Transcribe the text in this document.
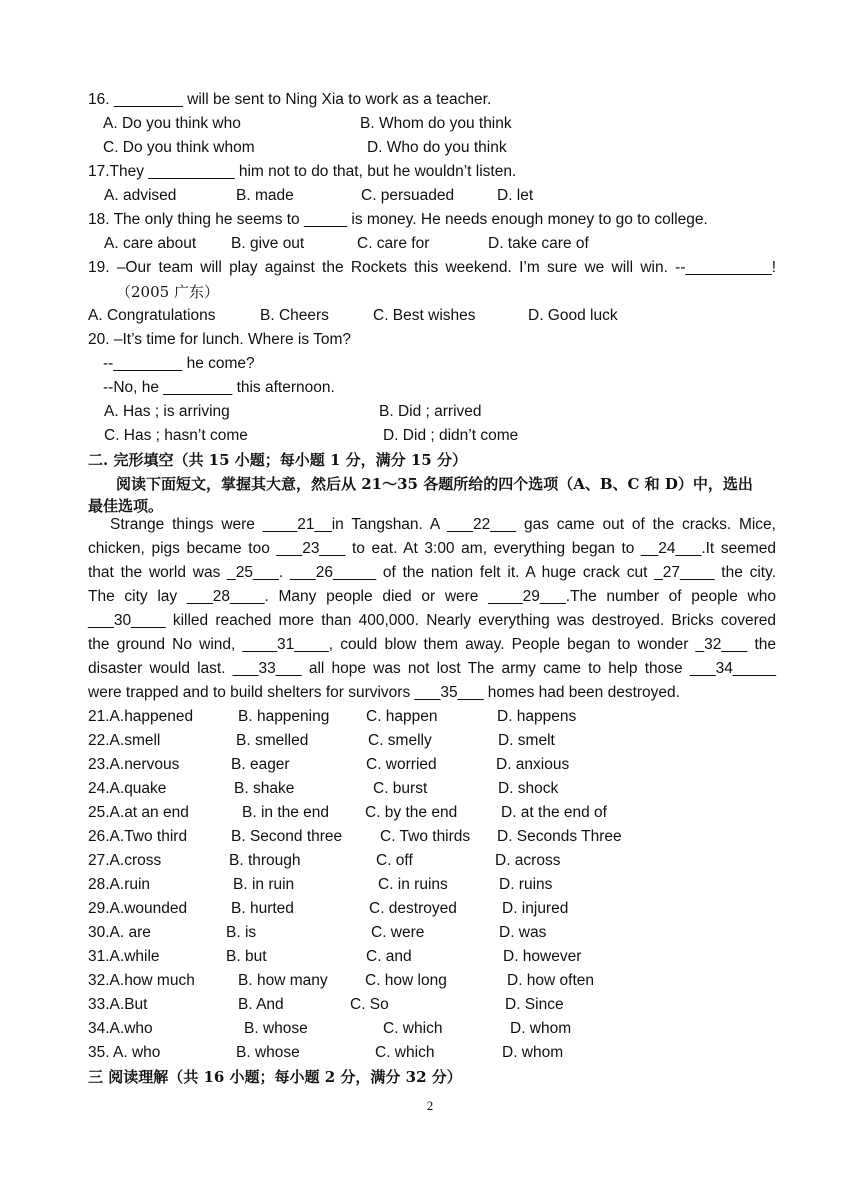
16. ________ will be sent to Ning Xia to work as a teacher.
A. Do you think who	B. Whom do you think
C. Do you think whom	D. Who do you think
17.They __________ him not to do that, but he wouldn’t listen.
A. advised	B. made	C. persuaded	D. let
18. The only thing he seems to _____ is money. He needs enough money to go to college.
A. care about B. give out	C. care for	D. take care of
19. –Our team will play against the Rockets this weekend. I’m sure we will win. --__________!
（2005 广东）
A. Congratulations	B. Cheers	C. Best wishes	D. Good luck
20. –It’s time for lunch. Where is Tom?
--________ he come?
--No, he ________ this afternoon.
A. Has ; is arriving	B. Did ; arrived
C. Has ; hasn’t come	D. Did ; didn’t come
二. 完形填空（共 15 小题；每小题 1 分，满分 15 分）
阅读下面短文，掌握其大意，然后从 21～35 各题所给的四个选项（A、B、C 和 D）中，选出
最佳选项。
Strange things were ____21__in Tangshan. A ___22___ gas came out of the cracks. Mice,
chicken, pigs became too ___23___ to eat. At 3:00 am, everything began to __24___.It seemed
that the world was _25___. ___26_____ of the nation felt it. A huge crack cut _27____ the city.
The city lay ___28____. Many people died or were ____29___.The number of people who
___30____ killed reached more than 400,000. Nearly everything was destroyed. Bricks covered
the ground No wind, ____31____, could blow them away. People began to wonder _32___ the
disaster would last. ___33___ all hope was not lost The army came to help those ___34_____
were trapped and to build shelters for survivors ___35___ homes had been destroyed.
21.A.happened	B. happening C. happen	D. happens
22.A.smell	B. smelled	C. smelly	D. smelt
23.A.nervous	B. eager	C. worried	D. anxious
24.A.quake	B. shake	C. burst	D. shock
25.A.at an end	B. in the end C. by the end	D. at the end of
26.A.Two third	B. Second three C. Two thirds D. Seconds Three
27.A.cross	B. through	C. off	D. across
28.A.ruin	B. in ruin	C. in ruins	D. ruins
29.A.wounded	B. hurted	C. destroyed	D. injured
30.A. are	B. is	C. were	D. was
31.A.while	B. but	C. and	D. however
32.A.how much	B. how many C. how long	D. how often
33.A.But	B. And	C. So	D. Since
34.A.who	B. whose	C. which	D. whom
35. A. who	B. whose	C. which	D. whom
三 阅读理解（共 16 小题；每小题 2 分，满分 32 分）
2
